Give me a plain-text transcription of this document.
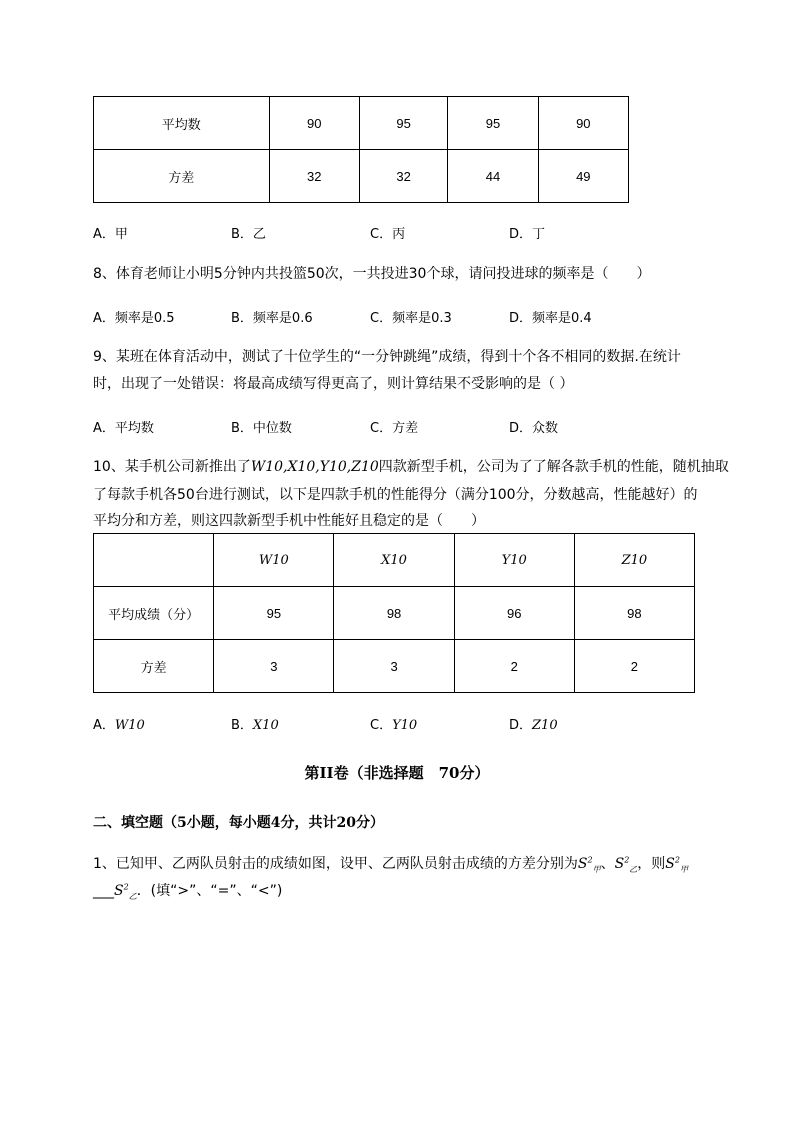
平均数	90	95	95	90
方差	32	32	44	49
A．甲	B．乙	C．丙	D．丁
8、体育老师让小明5分钟内共投篮50次，一共投进30个球，请问投进球的频率是（　　）
A．频率是0.5	B．频率是0.6	C．频率是0.3	D．频率是0.4
9、某班在体育活动中，测试了十位学生的“一分钟跳绳”成绩，得到十个各不相同的数据.在统计
时，出现了一处错误：将最高成绩写得更高了，则计算结果不受影响的是（ ）
A．平均数	B．中位数	C．方差	D．众数
10、某手机公司新推出了W10,X10,Y10,Z10四款新型手机，公司为了了解各款手机的性能，随机抽取
了每款手机各50台进行测试，以下是四款手机的性能得分（满分100分，分数越高，性能越好）的
平均分和方差，则这四款新型手机中性能好且稳定的是（　　）
	W10	X10	Y10	Z10
平均成绩（分）	95	98	96	98
方差	3	3	2	2
A．W10	B．X10	C．Y10	D．Z10
第II卷（非选择题　70分）
二、填空题（5小题，每小题4分，共计20分）
1、已知甲、乙两队员射击的成绩如图，设甲、乙两队员射击成绩的方差分别为$S^2_甲$、$S^2_乙$，则$S^2_甲$
$\_\_\_S^2_乙$．(填“>”、“=”、“<”)
